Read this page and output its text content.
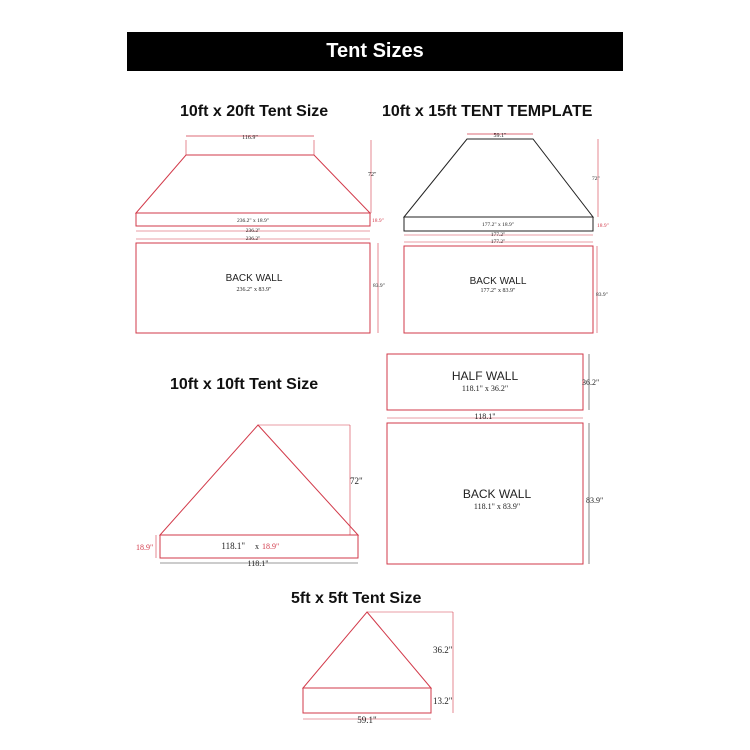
Tent Sizes
10ft x 20ft Tent Size	10ft x 15ft TENT TEMPLATE
10ft x 10ft Tent Size
5ft x 5ft Tent Size
116.9"
72"
236.2" x 18.9"	18.9"
236.2"
236.2"
83.9"
BACK WALL
236.2" x 83.9"
59.1"
72"
177.2" x 18.9"	18.9"
177.2"
177.2"
83.9"
BACK WALL
177.2" x 83.9"
HALF WALL
118.1" x 36.2"
36.2"
118.1"
BACK WALL
118.1" x 83.9"
83.9"
72"
18.9"	118.1" x 18.9"
118.1"
36.2"
13.2"
59.1"
